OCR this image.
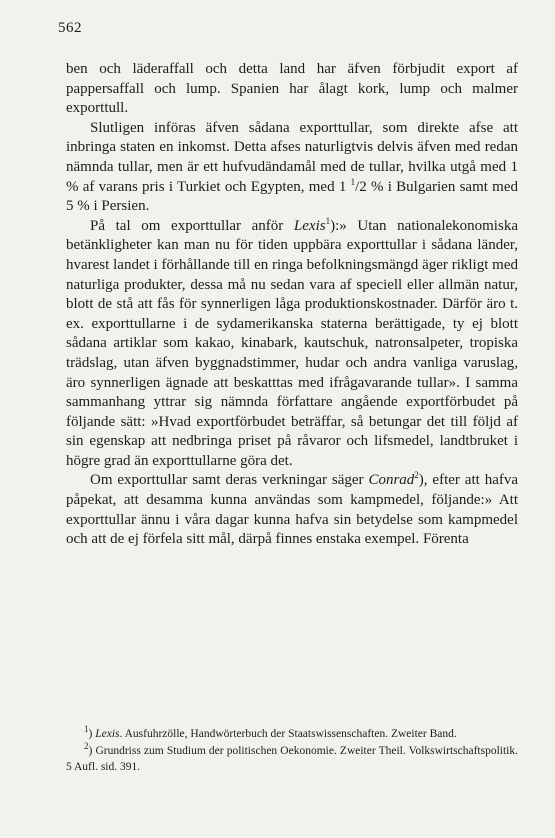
562

ben och läderaffall och detta land har äfven förbjudit export af pappersaffall och lump. Spanien har ålagt kork, lump och malmer exporttull.

Slutligen införas äfven sådana exporttullar, som direkte afse att inbringa staten en inkomst. Detta afses naturligtvis delvis äfven med redan nämnda tullar, men är ett hufvudändamål med de tullar, hvilka utgå med 1 % af varans pris i Turkiet och Egypten, med 1 $^1$/2 % i Bulgarien samt med 5 % i Persien.

På tal om exporttullar anför Lexis$^1$):» Utan nationalekonomiska betänkligheter kan man nu för tiden uppbära exporttullar i sådana länder, hvarest landet i förhållande till en ringa befolkningsmängd äger rikligt med naturliga produkter, dessa må nu sedan vara af speciell eller allmän natur, blott de stå att fås för synnerligen låga produktionskostnader. Därför äro t. ex. exporttullarne i de sydamerikanska staterna berättigade, ty ej blott sådana artiklar som kakao, kinabark, kautschuk, natronsalpeter, tropiska trädslag, utan äfven byggnadstimmer, hudar och andra vanliga varuslag, äro synnerligen ägnade att beskatttas med ifrågavarande tullar». I samma sammanhang yttrar sig nämnda författare angående exportförbudet på följande sätt: »Hvad exportförbudet beträffar, så betungar det till följd af sin egenskap att nedbringa priset på råvaror och lifsmedel, landtbruket i högre grad än exporttullarne göra det.

Om exporttullar samt deras verkningar säger Conrad$^2$), efter att hafva påpekat, att desamma kunna användas som kampmedel, följande:» Att exporttullar ännu i våra dagar kunna hafva sin betydelse som kampmedel och att de ej förfela sitt mål, därpå finnes enstaka exempel. Förenta

$^1$) Lexis. Ausfuhrzölle, Handwörterbuch der Staatswissenschaften. Zweiter Band.

$^2$) Grundriss zum Studium der politischen Oekonomie. Zweiter Theil. Volkswirtschaftspolitik. 5 Aufl. sid. 391.
